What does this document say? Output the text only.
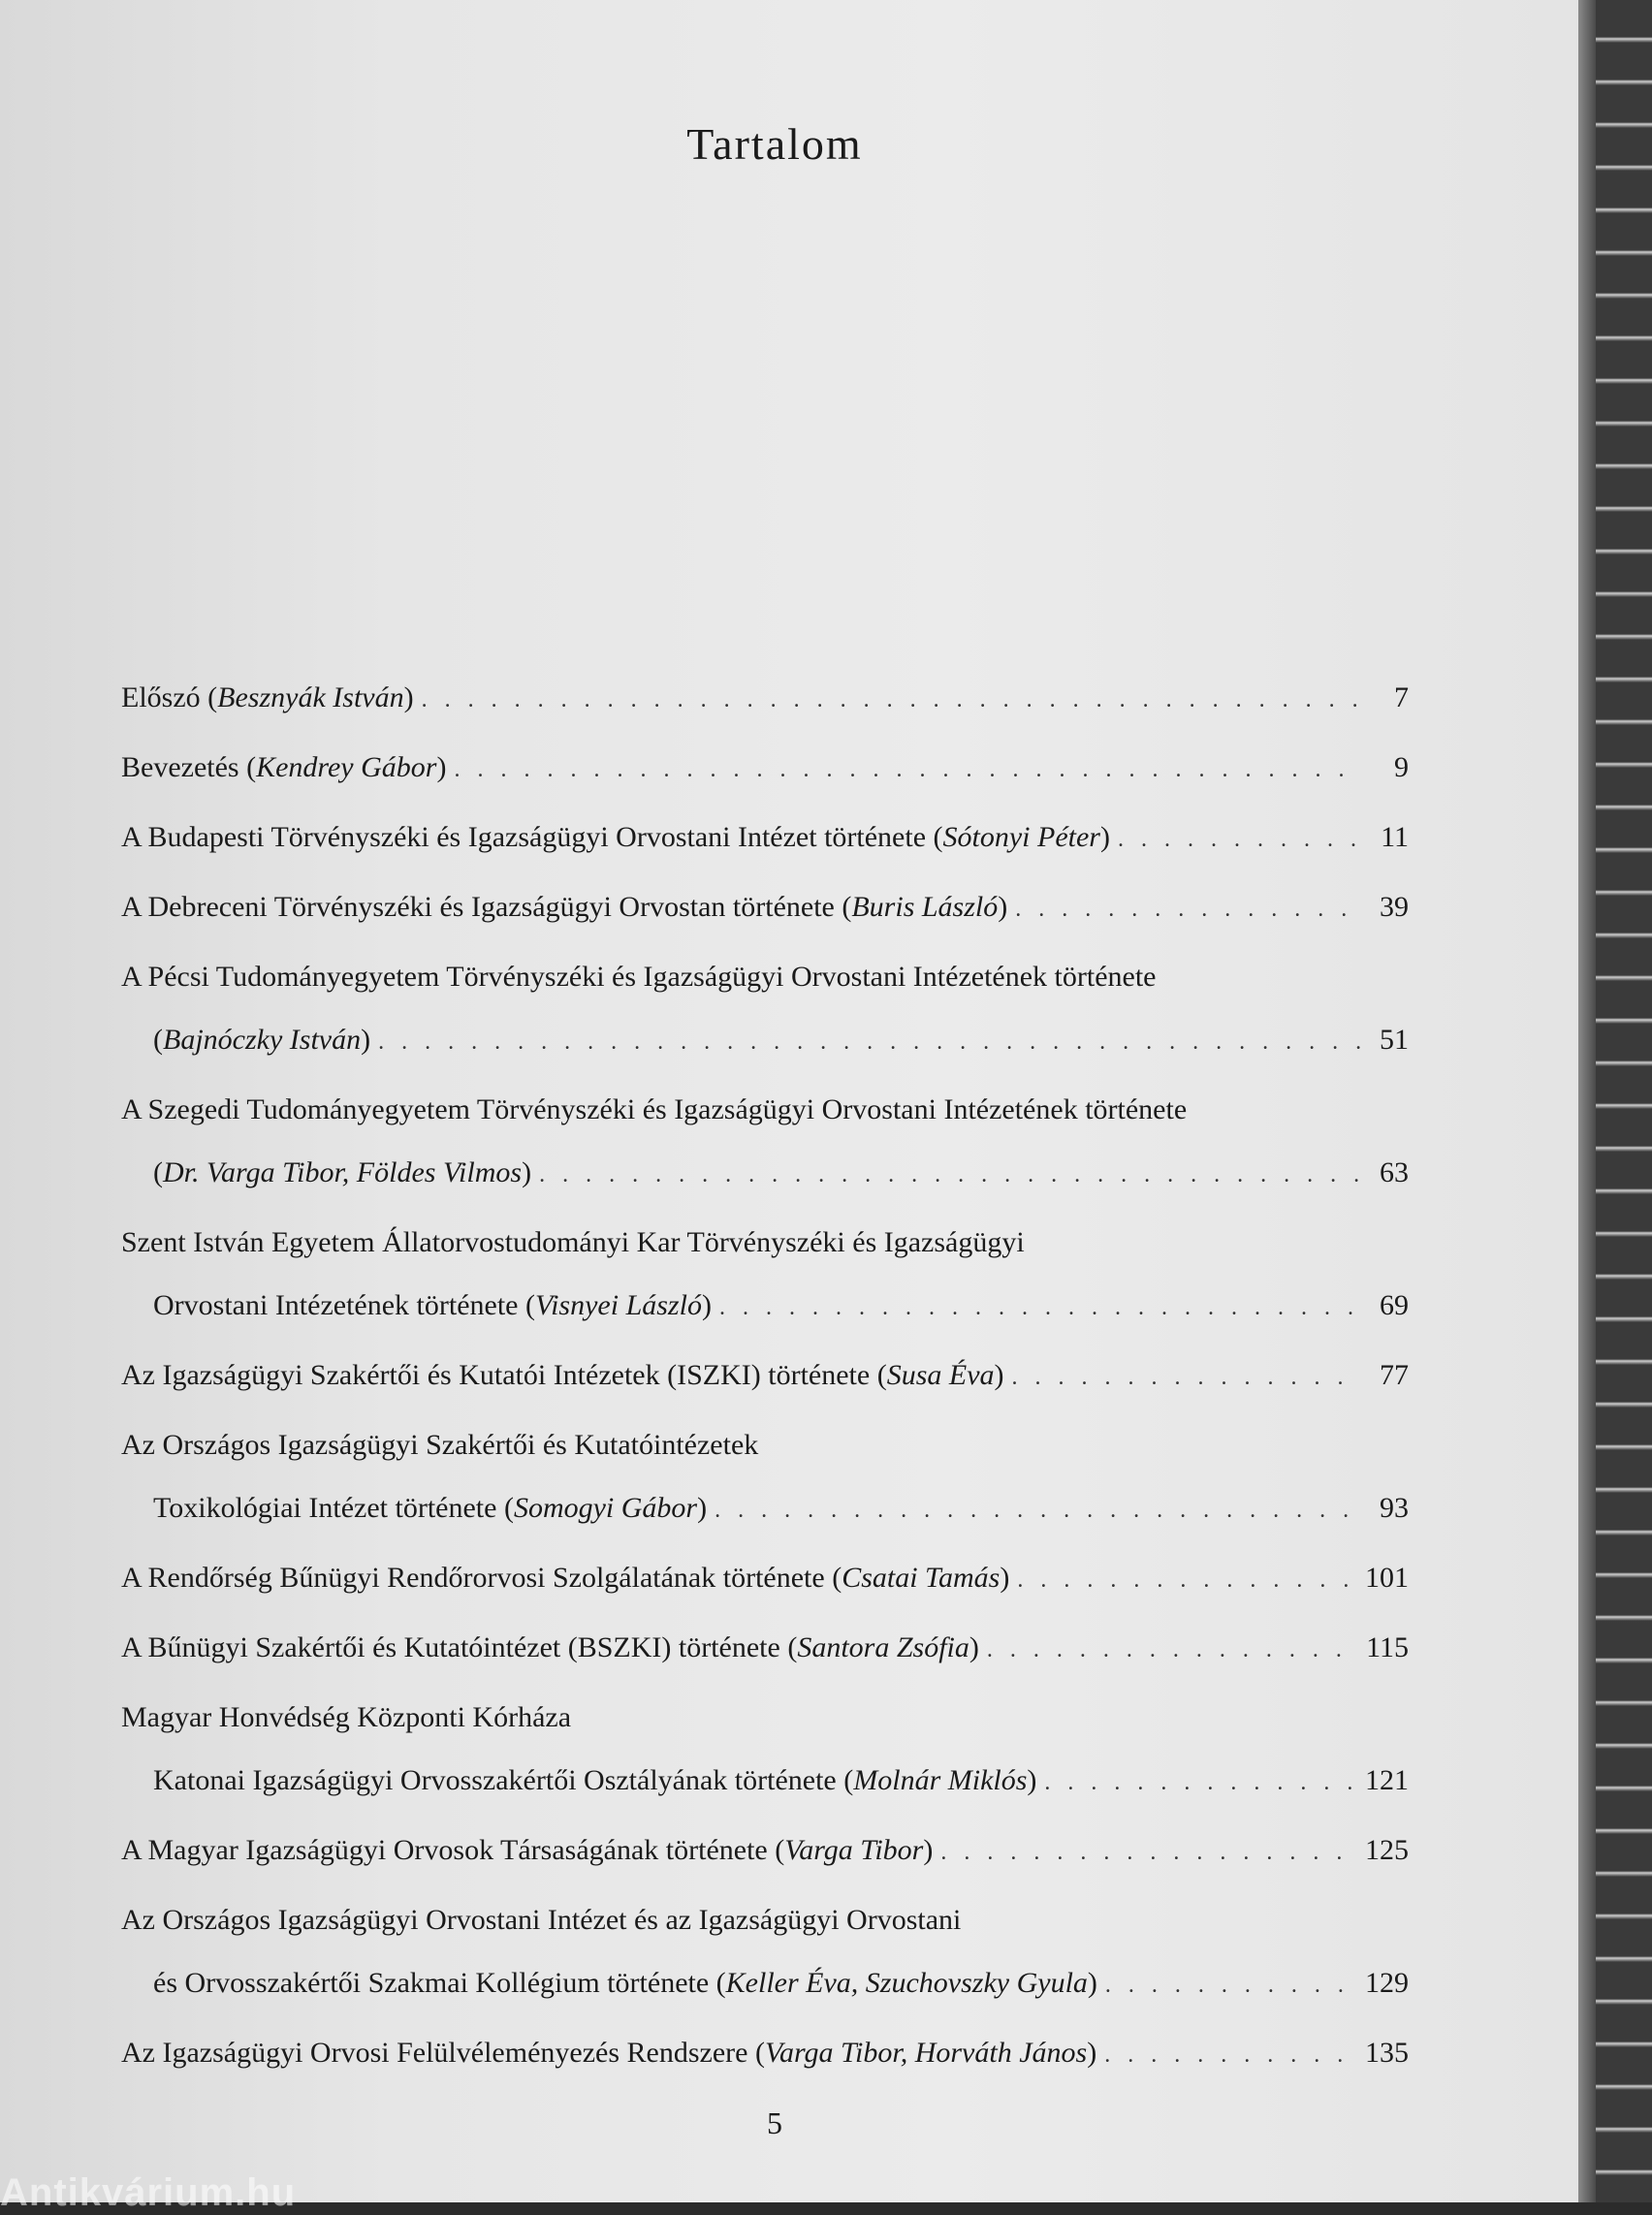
Tartalom
Előszó (Besznyák István) . . .	7
Bevezetés (Kendrey Gábor) . . .	9
A Budapesti Törvényszéki és Igazságügyi Orvostani Intézet története (Sótonyi Péter) . . .	11
A Debreceni Törvényszéki és Igazságügyi Orvostan története (Buris László) . . .	39
A Pécsi Tudományegyetem Törvényszéki és Igazságügyi Orvostani Intézetének története
(Bajnóczky István) . . .	51
A Szegedi Tudományegyetem Törvényszéki és Igazságügyi Orvostani Intézetének története
(Dr. Varga Tibor, Földes Vilmos) . . .	63
Szent István Egyetem Állatorvostudományi Kar Törvényszéki és Igazságügyi
Orvostani Intézetének története (Visnyei László) . . .	69
Az Igazságügyi Szakértői és Kutatói Intézetek (ISZKI) története (Susa Éva) . . .	77
Az Országos Igazságügyi Szakértői és Kutatóintézetek
Toxikológiai Intézet története (Somogyi Gábor) . . .	93
A Rendőrség Bűnügyi Rendőrorvosi Szolgálatának története (Csatai Tamás) . . .	101
A Bűnügyi Szakértői és Kutatóintézet (BSZKI) története (Santora Zsófia) . . .	115
Magyar Honvédség Központi Kórháza
Katonai Igazságügyi Orvosszakértői Osztályának története (Molnár Miklós) . . .	121
A Magyar Igazságügyi Orvosok Társaságának története (Varga Tibor) . . .	125
Az Országos Igazságügyi Orvostani Intézet és az Igazságügyi Orvostani
és Orvosszakértői Szakmai Kollégium története (Keller Éva, Szuchovszky Gyula) . . .	129
Az Igazságügyi Orvosi Felülvéleményezés Rendszere (Varga Tibor, Horváth János) . . .	135
5
Antikvárium.hu
